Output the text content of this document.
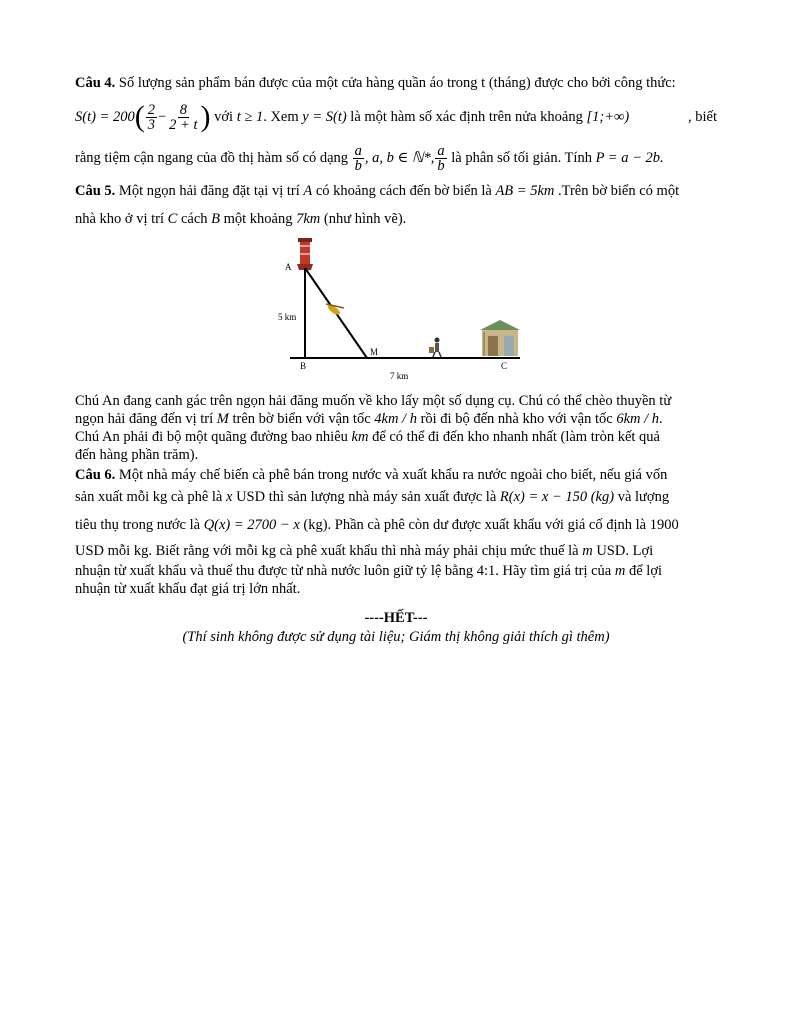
Câu 4. Số lượng sản phẩm bán được của một cửa hàng quần áo trong t (tháng) được cho bởi công thức:
S(t) = 200 ( $\frac{2}{3} - \frac{8}{2 + t}$ )
với
t ≥ 1 . Xem
y = S(t)
là một hàm số xác định trên nửa khoảng
[1;+∞)	, biết
rằng tiệm cận ngang của đồ thị hàm số có dạng
$\frac{a}{b}$ , a, b ∈ ℕ*, $\frac{a}{b}$
là phân số tối giản. Tính
P = a − 2b.
Câu 5. Một ngọn hải đăng đặt tại vị trí A có khoảng cách đến bờ biển là AB = 5km .Trên bờ biển có một
nhà kho ở vị trí C cách B một khoảng 7km (như hình vẽ).
A
5 km
B
M
C
7 km
Chú An đang canh gác trên ngọn hải đăng muốn về kho lấy một số dụng cụ. Chú có thể chèo thuyền từ
ngọn hải đăng đến vị trí M trên bờ biển với vận tốc 4km / h rồi đi bộ đến nhà kho với vận tốc 6km / h.
Chú An phải đi bộ một quãng đường bao nhiêu km để có thể đi đến kho nhanh nhất (làm tròn kết quả
đến hàng phần trăm).
Câu 6. Một nhà máy chế biến cà phê bán trong nước và xuất khẩu ra nước ngoài cho biết, nếu giá vốn
sản xuất mỗi kg cà phê là x USD thì sản lượng nhà máy sản xuất được là R(x) = x − 150 (kg) và lượng
tiêu thụ trong nước là Q(x) = 2700 − x (kg). Phần cà phê còn dư được xuất khẩu với giá cố định là 1900
USD mỗi kg. Biết rằng với mỗi kg cà phê xuất khẩu thì nhà máy phải chịu mức thuế là m USD. Lợi
nhuận từ xuất khẩu và thuế thu được từ nhà nước luôn giữ tỷ lệ bằng 4:1. Hãy tìm giá trị của m để lợi
nhuận từ xuất khẩu đạt giá trị lớn nhất.
----HẾT---
(Thí sinh không được sử dụng tài liệu; Giám thị không giải thích gì thêm)
